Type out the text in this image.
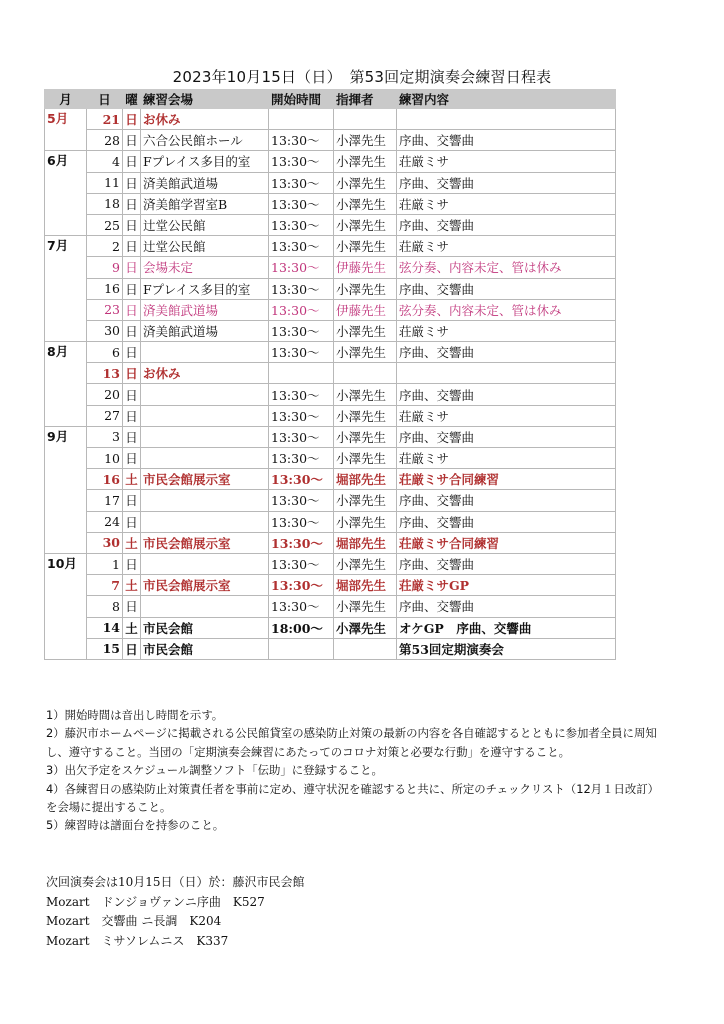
2023年10月15日（日）　第53回定期演奏会練習日程表
月	日	曜	練習会場	開始時間	指揮者	練習内容
5月	21	日	お休み			
	28	日	六合公民館ホール	13:30～	小澤先生	序曲、交響曲
6月	4	日	Fプレイス多目的室	13:30～	小澤先生	荘厳ミサ
	11	日	済美館武道場	13:30～	小澤先生	序曲、交響曲
	18	日	済美館学習室B	13:30～	小澤先生	荘厳ミサ
	25	日	辻堂公民館	13:30～	小澤先生	序曲、交響曲
7月	2	日	辻堂公民館	13:30～	小澤先生	荘厳ミサ
	9	日	会場未定	13:30～	伊藤先生	弦分奏、内容未定、管は休み
	16	日	Fプレイス多目的室	13:30～	小澤先生	序曲、交響曲
	23	日	済美館武道場	13:30～	伊藤先生	弦分奏、内容未定、管は休み
	30	日	済美館武道場	13:30～	小澤先生	荘厳ミサ
8月	6	日		13:30～	小澤先生	序曲、交響曲
	13	日	お休み			
	20	日		13:30～	小澤先生	序曲、交響曲
	27	日		13:30～	小澤先生	荘厳ミサ
9月	3	日		13:30～	小澤先生	序曲、交響曲
	10	日		13:30～	小澤先生	荘厳ミサ
	16	土	市民会館展示室	13:30～	堀部先生	荘厳ミサ合同練習
	17	日		13:30～	小澤先生	序曲、交響曲
	24	日		13:30～	小澤先生	序曲、交響曲
	30	土	市民会館展示室	13:30～	堀部先生	荘厳ミサ合同練習
10月	1	日		13:30～	小澤先生	序曲、交響曲
	7	土	市民会館展示室	13:30～	堀部先生	荘厳ミサGP
	8	日		13:30～	小澤先生	序曲、交響曲
	14	土	市民会館	18:00～	小澤先生	オケGP　序曲、交響曲
	15	日	市民会館			第53回定期演奏会

1）開始時間は音出し時間を示す。

2）藤沢市ホームページに掲載される公民館貸室の感染防止対策の最新の内容を各自確認するとともに参加者全員に周知し、遵守すること。当団の「定期演奏会練習にあたってのコロナ対策と必要な行動」を遵守すること。

3）出欠予定をスケジュール調整ソフト「伝助」に登録すること。

4）各練習日の感染防止対策責任者を事前に定め、遵守状況を確認すると共に、所定のチェックリスト（12月１日改訂）を会場に提出すること。

5）練習時は譜面台を持参のこと。

次回演奏会は10月15日（日）於：藤沢市民会館

Mozart　ドンジョヴァンニ序曲　K527

Mozart　交響曲 ニ長調　K204

Mozart　ミサソレムニス　K337
